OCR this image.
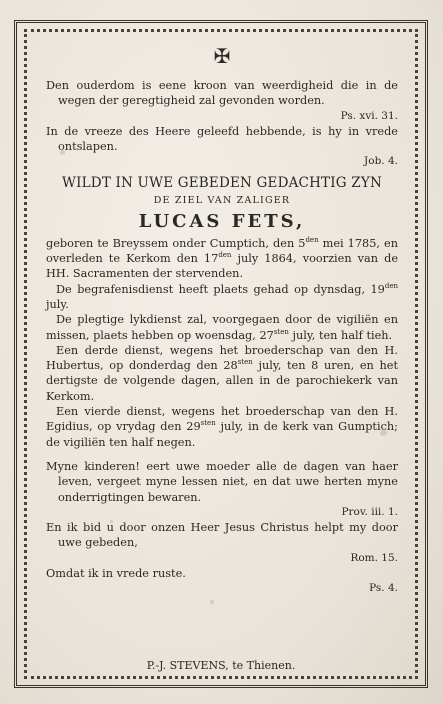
✠

Den ouderdom is eene kroon van weerdigheid die in de wegen der geregtigheid zal gevonden worden.

Ps. xvi. 31.

In de vreeze des Heere geleefd hebbende, is hy in vrede ontslapen.

Job. 4.

WILDT IN UWE GEBEDEN GEDACHTIG ZYN

DE ZIEL VAN ZALIGER

LUCAS FETS,

geboren te Breyssem onder Cumptich, den $5^{den}$ mei 1785, en overleden te Kerkom den $17^{den}$ july 1864, voorzien van de HH. Sacramenten der stervenden.

De begrafenisdienst heeft plaets gehad op dynsdag, $19^{den}$ july.

De plegtige lykdienst zal, voorgegaen door de vigiliën en missen, plaets hebben op woensdag, $27^{sten}$ july, ten half tieh.

Een derde dienst, wegens het broederschap van den H. Hubertus, op donderdag den $28^{sten}$ july, ten 8 uren, en het dertigste de volgende dagen, allen in de parochiekerk van Kerkom.

Een vierde dienst, wegens het broederschap van den H. Egidius, op vrydag den $29^{sten}$ july, in de kerk van Gumptich; de vigiliën ten half negen.

Myne kinderen! eert uwe moeder alle de dagen van haer leven, vergeet myne lessen niet, en dat uwe herten myne onderrigtingen bewaren.

Prov. iii. 1.

En ik bid u door onzen Heer Jesus Christus helpt my door uwe gebeden,

Rom. 15.

Omdat ik in vrede ruste.

Ps. 4.

P.-J. STEVENS, te Thienen.
